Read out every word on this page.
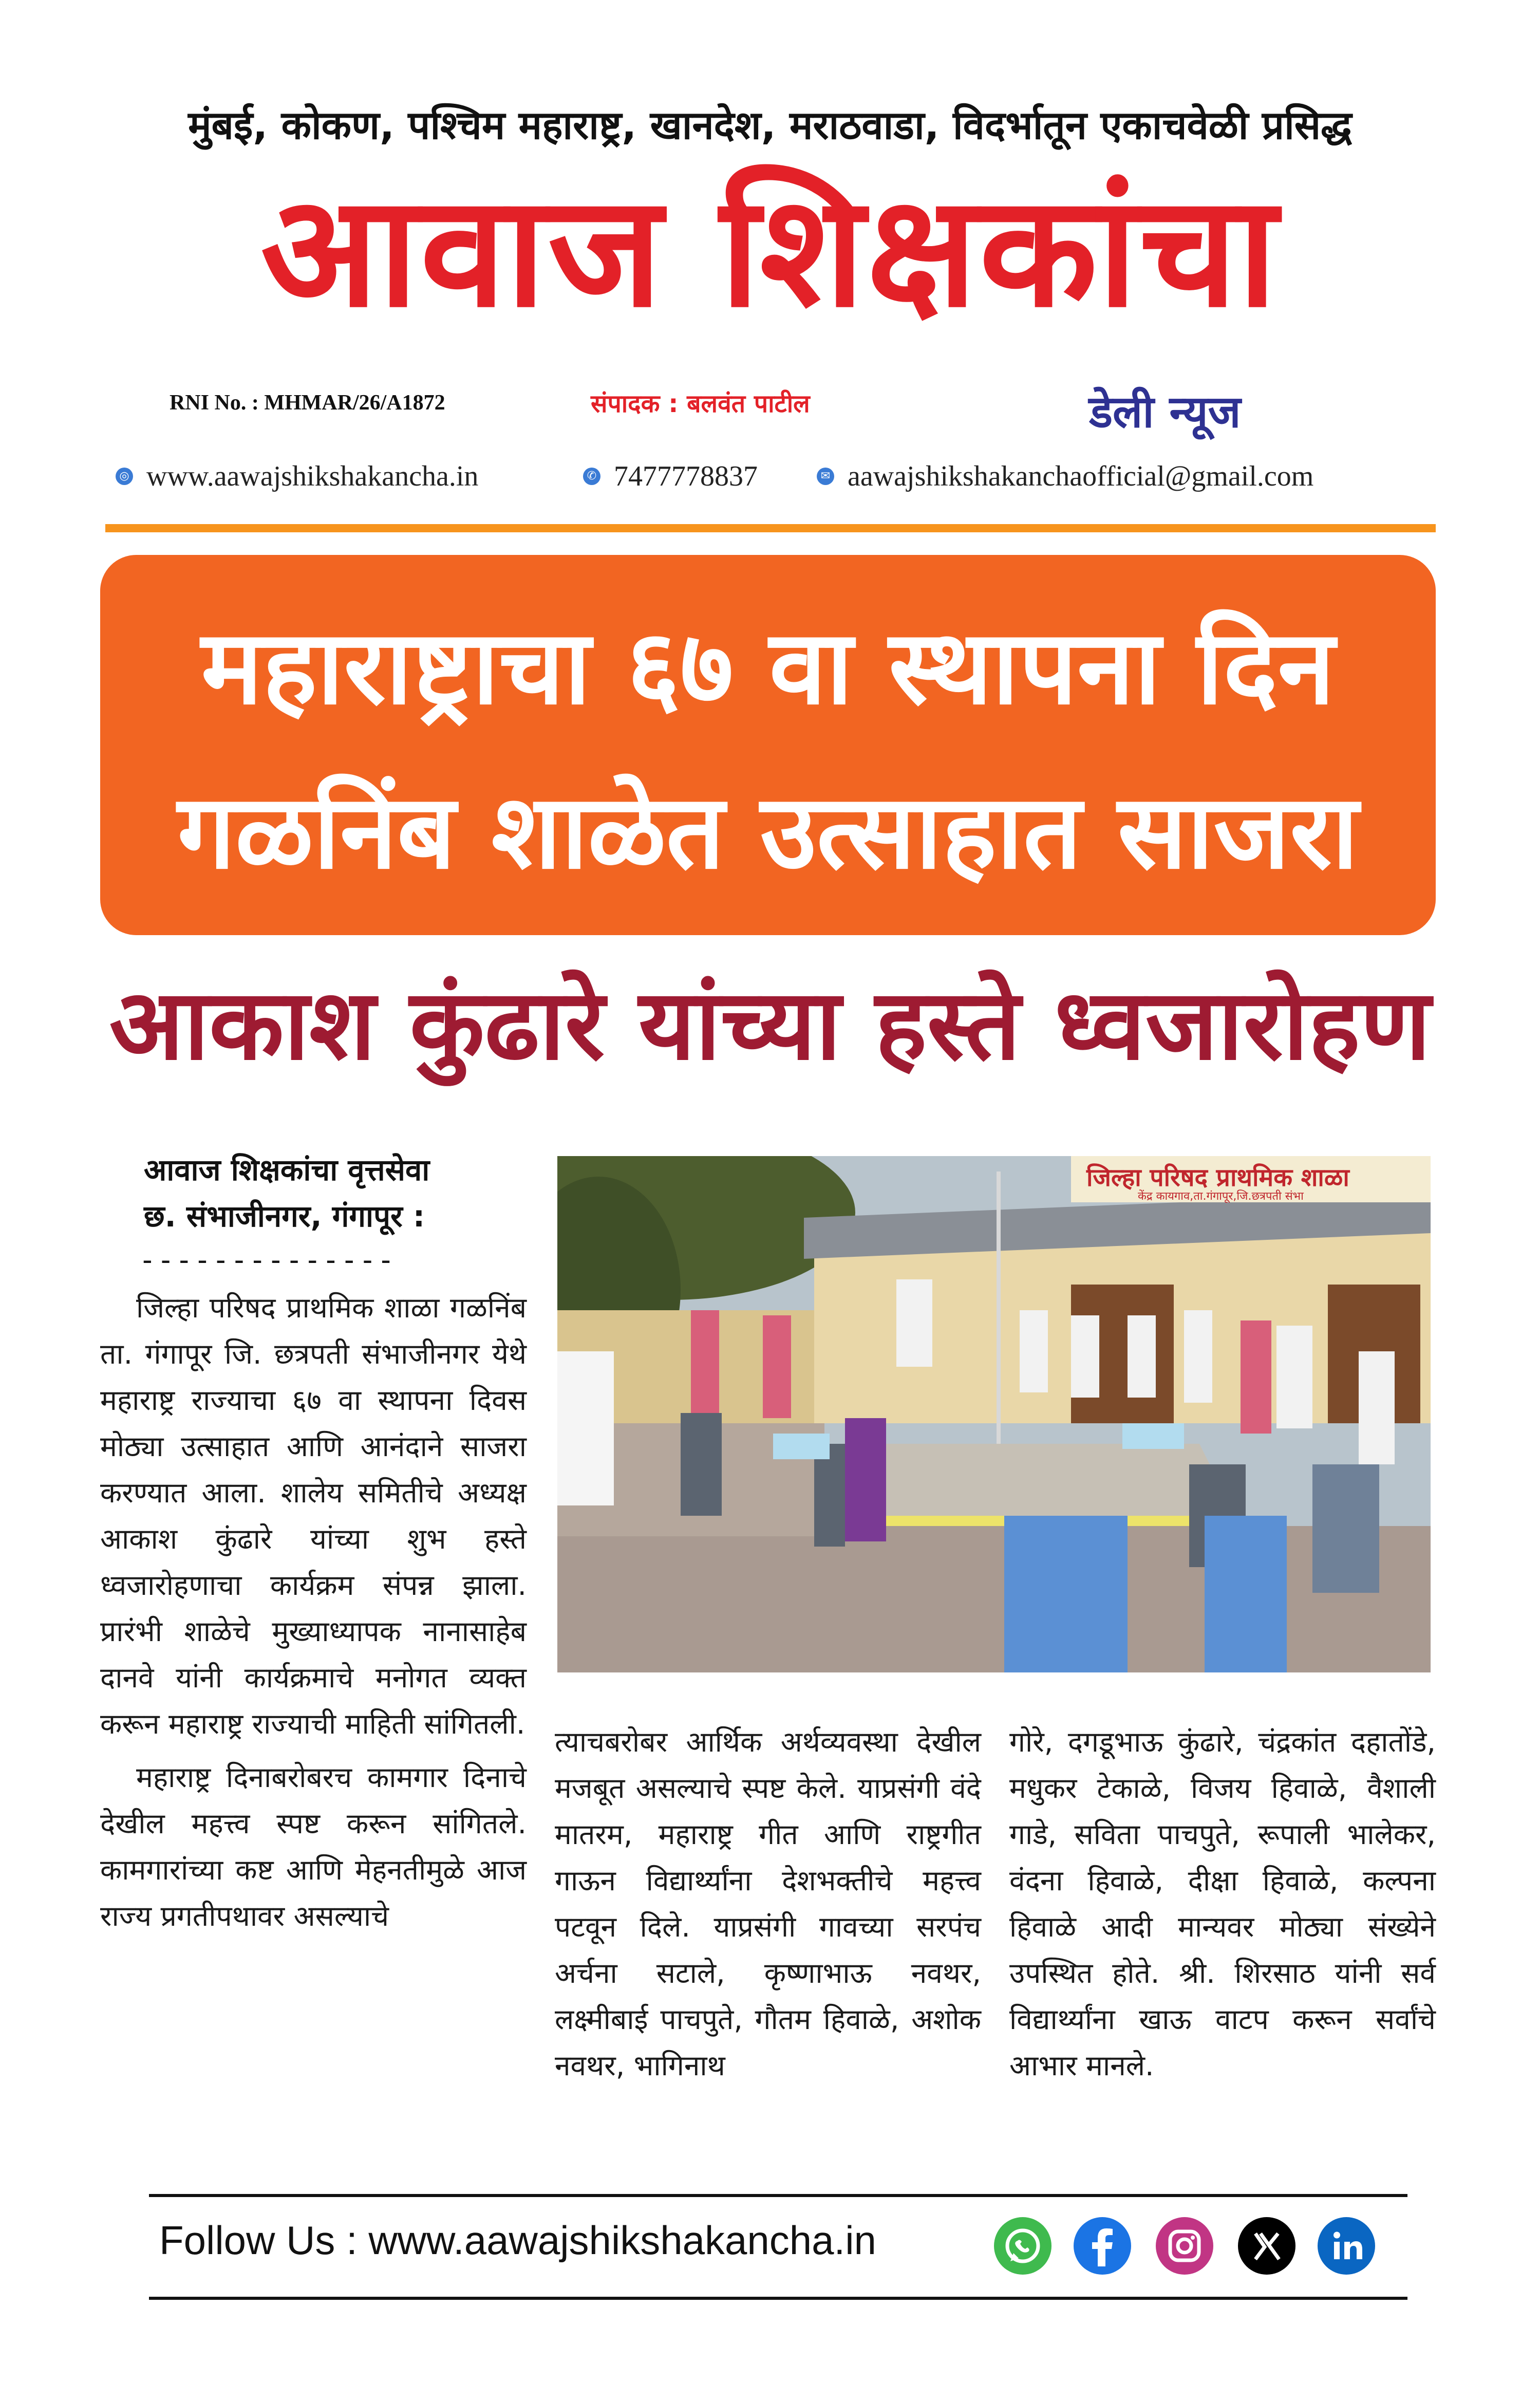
मुंबई, कोकण, पश्चिम महाराष्ट्र, खानदेश, मराठवाडा, विदर्भातून एकाचवेळी प्रसिद्ध
आवाज शिक्षकांचा
RNI No. : MHMAR/26/A1872	संपादक : बलवंत पाटील	डेली न्यूज
◎ www.aawajshikshakancha.in	✆ 7477778837	✉ aawajshikshakanchaofficial@gmail.com
महाराष्ट्राचा ६७ वा स्थापना दिन
गळनिंब शाळेत उत्साहात साजरा
आकाश कुंढारे यांच्या हस्ते ध्वजारोहण
आवाज शिक्षकांचा वृत्तसेवा
छ. संभाजीनगर, गंगापूर :
--------------

जिल्हा परिषद प्राथमिक शाळा गळनिंब ता. गंगापूर जि. छत्रपती संभाजीनगर येथे महाराष्ट्र राज्याचा ६७ वा स्थापना दिवस मोठ्या उत्साहात आणि आनंदाने साजरा करण्यात आला. शालेय समितीचे अध्यक्ष आकाश कुंढारे यांच्या शुभ हस्ते ध्वजारोहणाचा कार्यक्रम संपन्न झाला. प्रारंभी शाळेचे मुख्याध्यापक नानासाहेब दानवे यांनी कार्यक्रमाचे मनोगत व्यक्त करून महाराष्ट्र राज्याची माहिती सांगितली.

महाराष्ट्र दिनाबरोबरच कामगार दिनाचे देखील महत्त्व स्पष्ट करून सांगितले. कामगारांच्या कष्ट आणि मेहनतीमुळे आज राज्य प्रगतीपथावर असल्याचे

त्याचबरोबर आर्थिक अर्थव्यवस्था देखील मजबूत असल्याचे स्पष्ट केले. याप्रसंगी वंदे मातरम, महाराष्ट्र गीत आणि राष्ट्रगीत गाऊन विद्यार्थ्यांना देशभक्तीचे महत्त्व पटवून दिले. याप्रसंगी गावच्या सरपंच अर्चना सटाले, कृष्णाभाऊ नवथर, लक्ष्मीबाई पाचपुते, गौतम हिवाळे, अशोक नवथर, भागिनाथ

गोरे, दगडूभाऊ कुंढारे, चंद्रकांत दहातोंडे, मधुकर टेकाळे, विजय हिवाळे, वैशाली गाडे, सविता पाचपुते, रूपाली भालेकर, वंदना हिवाळे, दीक्षा हिवाळे, कल्पना हिवाळे आदी मान्यवर मोठ्या संख्येने उपस्थित होते. श्री. शिरसाठ यांनी सर्व विद्यार्थ्यांना खाऊ वाटप करून सर्वांचे आभार मानले.

जिल्हा परिषद प्राथमिक शाळा
केंद्र कायगाव,ता.गंगापूर,जि.छत्रपती संभा
Follow Us : www.aawajshikshakancha.in
